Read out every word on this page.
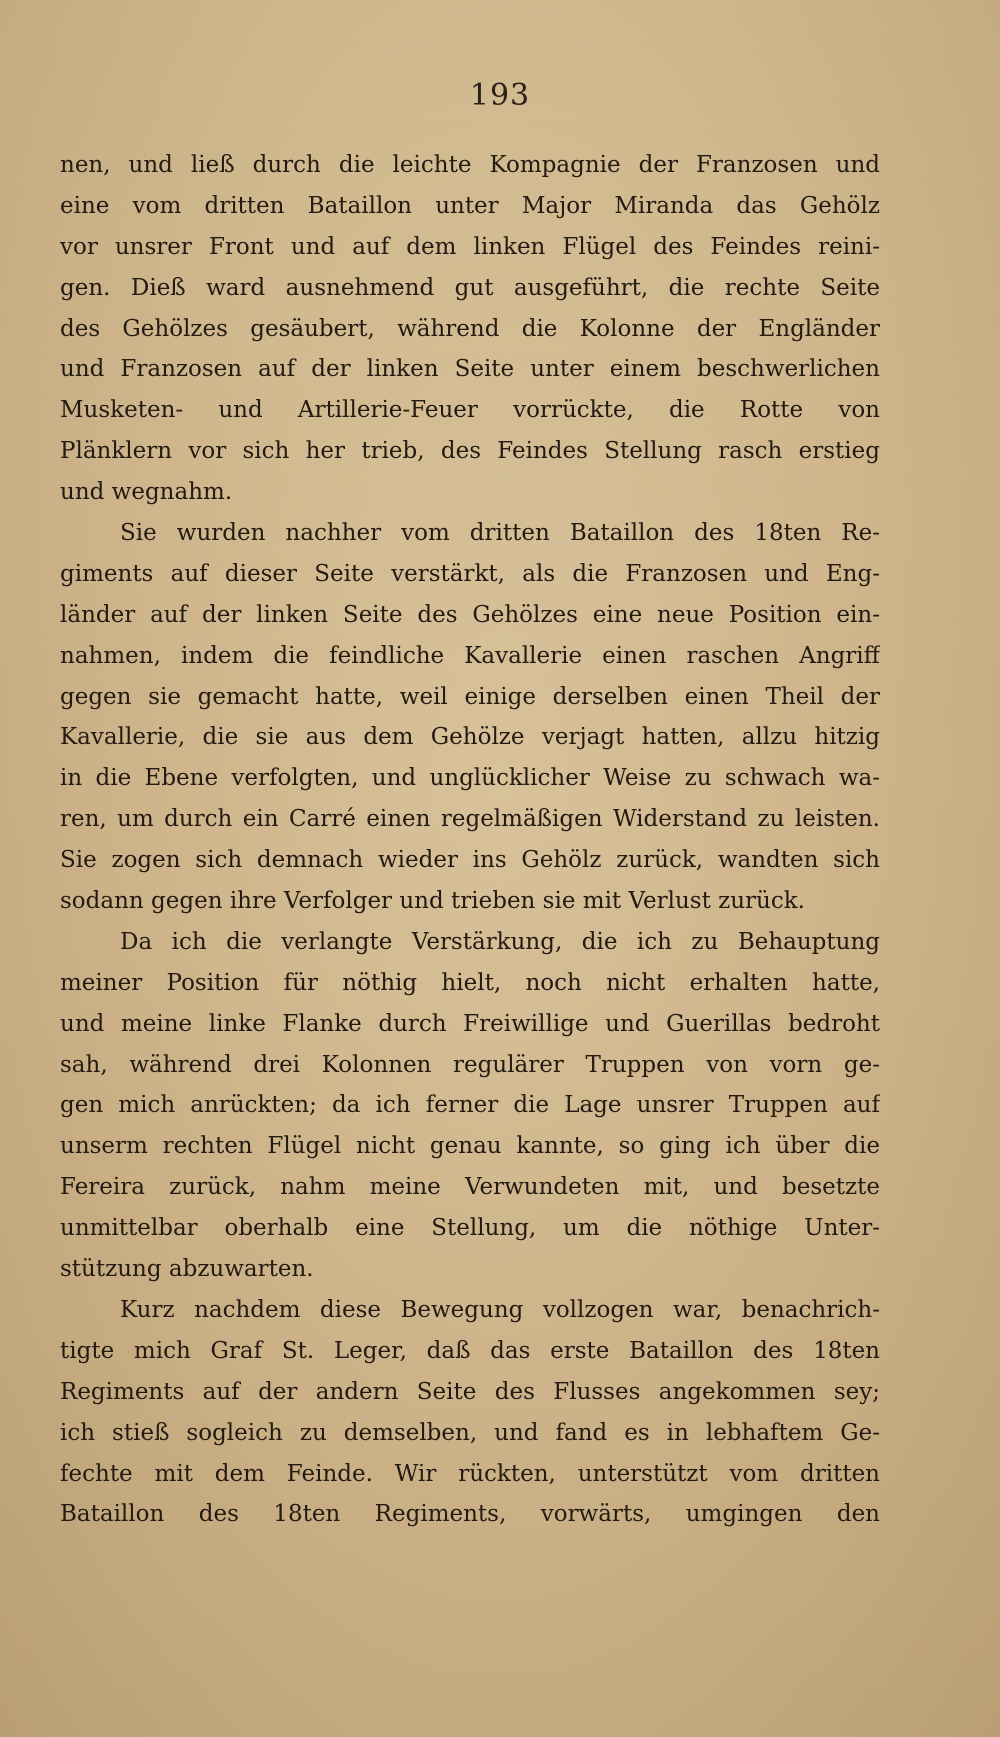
193
nen, und ließ durch die leichte Kompagnie der Franzosen und
eine vom dritten Bataillon unter Major Miranda das Gehölz
vor unsrer Front und auf dem linken Flügel des Feindes reini-
gen. Dieß ward ausnehmend gut ausgeführt, die rechte Seite
des Gehölzes gesäubert, während die Kolonne der Engländer
und Franzosen auf der linken Seite unter einem beschwerlichen
Musketen- und Artillerie-Feuer vorrückte, die Rotte von
Plänklern vor sich her trieb, des Feindes Stellung rasch erstieg
und wegnahm.
Sie wurden nachher vom dritten Bataillon des 18ten Re-
giments auf dieser Seite verstärkt, als die Franzosen und Eng-
länder auf der linken Seite des Gehölzes eine neue Position ein-
nahmen, indem die feindliche Kavallerie einen raschen Angriff
gegen sie gemacht hatte, weil einige derselben einen Theil der
Kavallerie, die sie aus dem Gehölze verjagt hatten, allzu hitzig
in die Ebene verfolgten, und unglücklicher Weise zu schwach wa-
ren, um durch ein Carré einen regelmäßigen Widerstand zu leisten.
Sie zogen sich demnach wieder ins Gehölz zurück, wandten sich
sodann gegen ihre Verfolger und trieben sie mit Verlust zurück.
Da ich die verlangte Verstärkung, die ich zu Behauptung
meiner Position für nöthig hielt, noch nicht erhalten hatte,
und meine linke Flanke durch Freiwillige und Guerillas bedroht
sah, während drei Kolonnen regulärer Truppen von vorn ge-
gen mich anrückten; da ich ferner die Lage unsrer Truppen auf
unserm rechten Flügel nicht genau kannte, so ging ich über die
Fereira zurück, nahm meine Verwundeten mit, und besetzte
unmittelbar oberhalb eine Stellung, um die nöthige Unter-
stützung abzuwarten.
Kurz nachdem diese Bewegung vollzogen war, benachrich-
tigte mich Graf St. Leger, daß das erste Bataillon des 18ten
Regiments auf der andern Seite des Flusses angekommen sey;
ich stieß sogleich zu demselben, und fand es in lebhaftem Ge-
fechte mit dem Feinde. Wir rückten, unterstützt vom dritten
Bataillon des 18ten Regiments, vorwärts, umgingen den
